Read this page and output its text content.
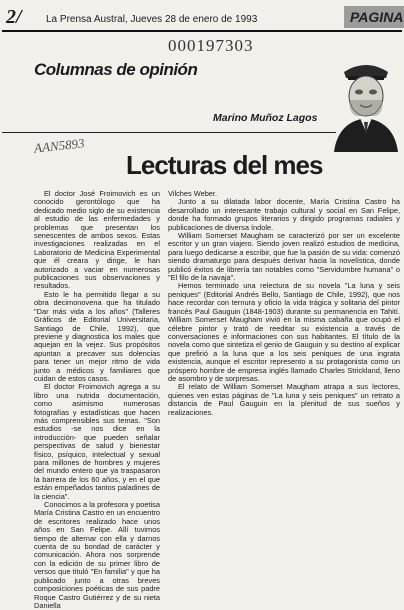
2/ La Prensa Austral, Jueves 28 de enero de 1993	PAGINA
000197303
Columnas de opinión
Marino Muñoz Lagos
AAN5893
Lecturas del mes

El doctor José Froimovich es un conocido gerontólogo que ha dedicado medio siglo de su existencia al estudio de las enfermedades y problemas que presentan los senescentes de ambos sexos. Estas investigaciones realizadas en el Laboratorio de Medicina Experimental que él creara y dirige, le han autorizado a vaciar en numerosas publicaciones sus observaciones y resultados.

Esto le ha permitido llegar a su obra decimonovena que ha titulado "Dar más vida a los años" (Talleres Gráficos de Editorial Universitaria, Santiago de Chile, 1992), que previene y diagnostica los males que aquejan en la vejez. Sus propósitos apuntan a precaver sus dolencias para tener un mejor ritmo de vida junto a médicos y familiares que cuidan de estos casos.

El doctor Froimovich agrega a su libro una nutrida documentación, como asimismo numerosas fotografías y estadísticas que hacen más comprensibles sus temas. "Son estudios -se nos dice en la introducción- que pueden señalar perspectivas de salud y bienestar físico, psíquico, intelectual y sexual para millones de hombres y mujeres del mundo entero que ya traspasaron la barrera de los 60 años, y en el que están empeñados tantos paladines de la ciencia".

Conocimos a la profesora y poetisa María Cristina Castro en un encuentro de escritores realizado hace unos años en San Felipe. Allí tuvimos tiempo de alternar con ella y darnos cuenta de su bondad de carácter y comunicación. Ahora nos sorprende con la edición de su primer libro de versos que tituló "En familia" y que ha publicado junto a otras breves composiciones poéticas de sus padre Roque Castro Gutiérrez y de su nieta Daniella

Vilches Weber.

Junto a su dilatada labor docente, María Cristina Castro ha desarrollado un interesante trabajo cultural y social en San Felipe, donde ha formado grupos literarios y dirigido programas radiales y publicaciones de diversa índole.

William Somerset Maugham se caracterizó por ser un excelente escritor y un gran viajero. Siendo joven realizó estudios de medicina, para luego dedicarse a escribir, que fue la pasión de su vida: comenzó siendo dramaturgo para después derivar hacia la novelística, donde publicó éxitos de librería tan notables como "Servidumbre humana" o "El filo de la navaja".

Hemos terminado una relectura de su novela "La luna y seis peniques" (Editorial Andrés Bello, Santiago de Chile, 1992), que nos hace recordar con ternura y oficio la vida trágica y solitaria del pintor francés Paul Gauguin (1848-1903) durante su permanencia en Tahití. William Somerset Maugham vivió en la misma cabaña que ocupó el célebre pintor y trató de reeditar su existencia a través de conversaciones e informaciones con sus habitantes. El título de la novela como que sintetiza el genio de Gauguin y su destino al explicar que prefirió a la luna que a los seis peniques de una ingrata existencia, aunque el escritor represento a su protagonista como un próspero hombre de empresa inglés llamado Charles Strickland, lleno de asombro y de sorpresas.

El relato de William Somerset Maugham atrapa a sus lectores, quienes ven estas páginas de "La luna y seis peniques" un retrato a distancia de Paul Gauguin en la plenitud de sus sueños y realizaciones.
